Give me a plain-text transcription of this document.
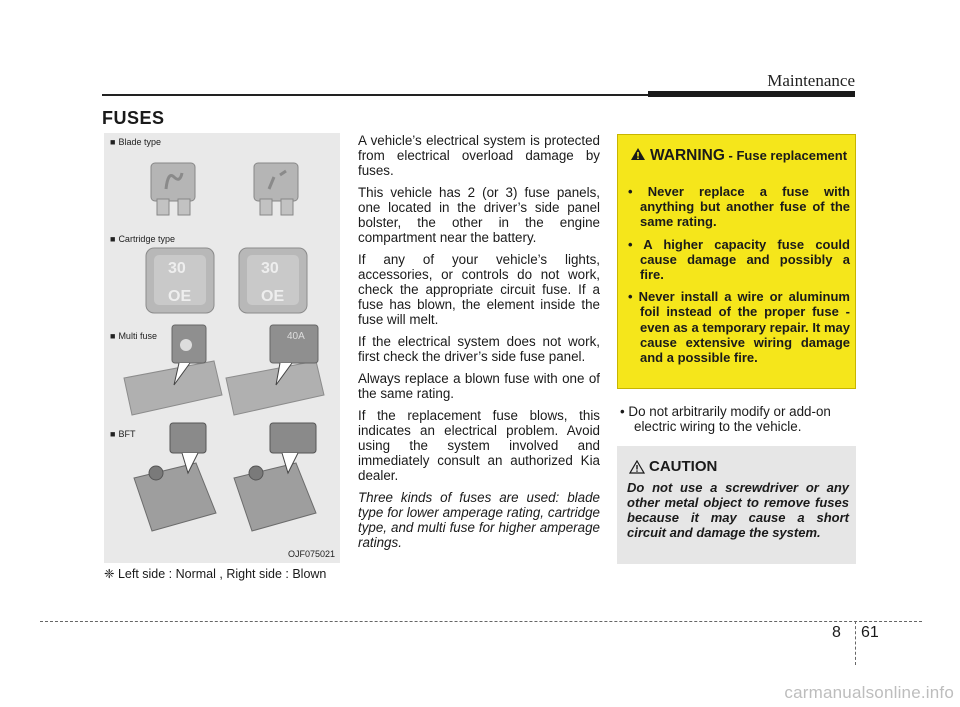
Maintenance
FUSES
■ Blade type
■ Cartridge type
■ Multi fuse
■ BFT
30
OE
30
OE
40A
OJF075021
❈ Left side : Normal , Right side : Blown

A vehicle’s electrical system is protected from electrical overload damage by fuses.

This vehicle has 2 (or 3) fuse panels, one located in the driver’s side panel bolster, the other in the engine compartment near the battery.

If any of your vehicle’s lights, accessories, or controls do not work, check the appropriate circuit fuse. If a fuse has blown, the element inside the fuse will melt.

If the electrical system does not work, first check the driver’s side fuse panel.

Always replace a blown fuse with one of the same rating.

If the replacement fuse blows, this indicates an electrical problem. Avoid using the system involved and immediately consult an authorized Kia dealer.

Three kinds of fuses are used: blade type for lower amperage rating, cartridge type, and multi fuse for higher amperage ratings.

WARNING - Fuse replacement
• Never replace a fuse with anything but another fuse of the same rating.
• A higher capacity fuse could cause damage and possibly a fire.
• Never install a wire or aluminum foil instead of the proper fuse - even as a temporary repair. It may cause extensive wiring damage and a possible fire.
• Do not arbitrarily modify or add-on electric wiring to the vehicle.
CAUTION
Do not use a screwdriver or any other metal object to remove fuses because it may cause a short circuit and damage the system.
8 61
carmanualsonline.info
